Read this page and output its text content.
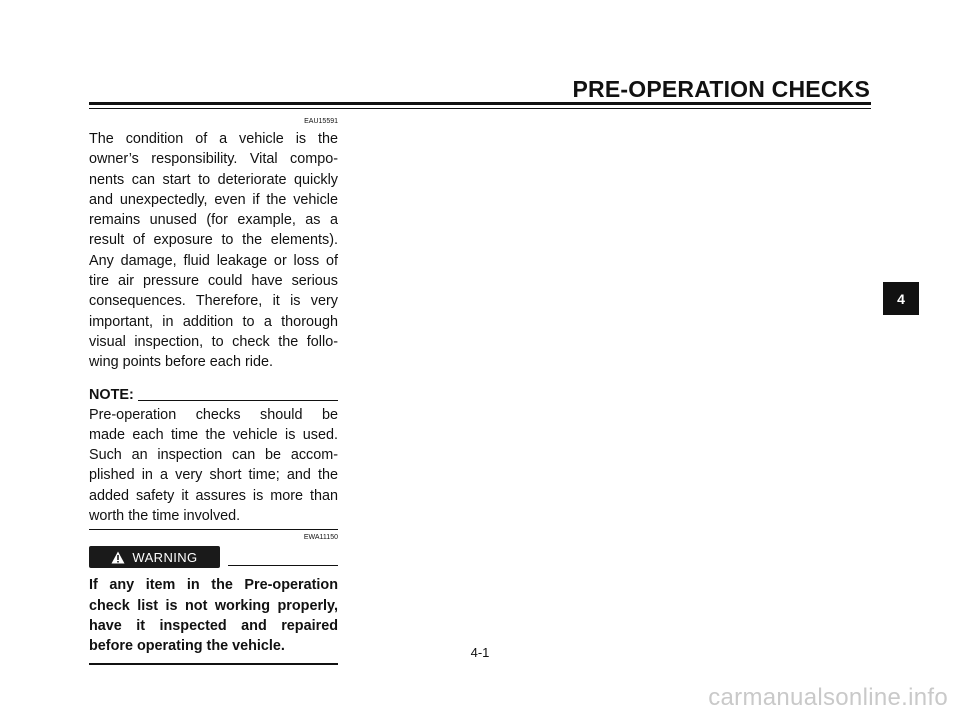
PRE-OPERATION CHECKS
EAU15591
The condition of a vehicle is the
owner’s responsibility. Vital compo-
nents can start to deteriorate quickly
and unexpectedly, even if the vehicle
remains unused (for example, as a
result of exposure to the elements).
Any damage, fluid leakage or loss of
tire air pressure could have serious
consequences. Therefore, it is very
important, in addition to a thorough
visual inspection, to check the follo-
wing points before each ride.
NOTE:
Pre-operation checks should be
made each time the vehicle is used.
Such an inspection can be accom-
plished in a very short time; and the
added safety it assures is more than
worth the time involved.
EWA11150
WARNING
If any item in the Pre-operation
check list is not working properly,
have it inspected and repaired
before operating the vehicle.
4
4-1
carmanualsonline.info
